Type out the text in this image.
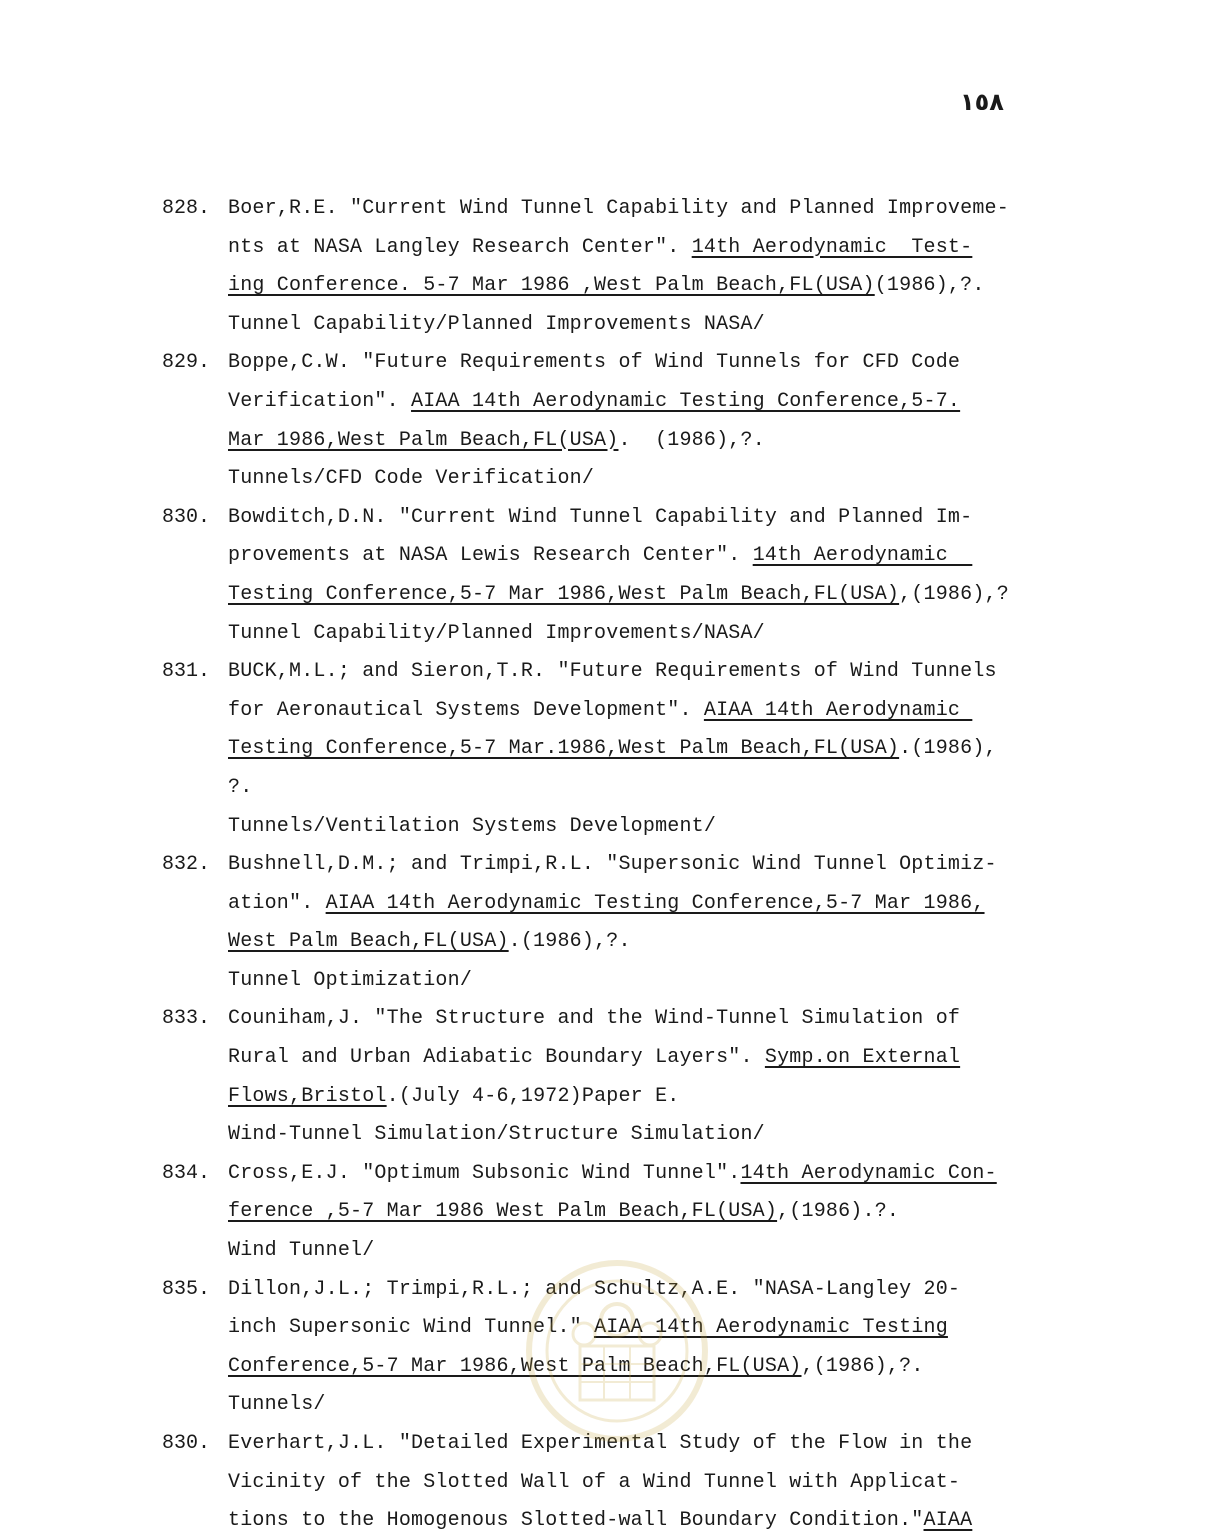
١٥٨
828. Boer,R.E. "Current Wind Tunnel Capability and Planned Improveme-
nts at NASA Langley Research Center". 14th Aerodynamic  Test-
ing Conference. 5-7 Mar 1986 ,West Palm Beach,FL(USA)(1986),?.
Tunnel Capability/Planned Improvements NASA/
829. Boppe,C.W. "Future Requirements of Wind Tunnels for CFD Code
Verification". AIAA 14th Aerodynamic Testing Conference,5-7.
Mar 1986,West Palm Beach,FL(USA).  (1986),?.
Tunnels/CFD Code Verification/
830. Bowditch,D.N. "Current Wind Tunnel Capability and Planned Im-
provements at NASA Lewis Research Center". 14th Aerodynamic
Testing Conference,5-7 Mar 1986,West Palm Beach,FL(USA),(1986),?
Tunnel Capability/Planned Improvements/NASA/
831. BUCK,M.L.; and Sieron,T.R. "Future Requirements of Wind Tunnels
for Aeronautical Systems Development". AIAA 14th Aerodynamic
Testing Conference,5-7 Mar.1986,West Palm Beach,FL(USA).(1986),
?.
Tunnels/Ventilation Systems Development/
832. Bushnell,D.M.; and Trimpi,R.L. "Supersonic Wind Tunnel Optimiz-
ation". AIAA 14th Aerodynamic Testing Conference,5-7 Mar 1986,
West Palm Beach,FL(USA).(1986),?.
Tunnel Optimization/
833. Couniham,J. "The Structure and the Wind-Tunnel Simulation of
Rural and Urban Adiabatic Boundary Layers". Symp.on External
Flows,Bristol.(July 4-6,1972)Paper E.
Wind-Tunnel Simulation/Structure Simulation/
834. Cross,E.J. "Optimum Subsonic Wind Tunnel".14th Aerodynamic Con-
ference ,5-7 Mar 1986 West Palm Beach,FL(USA),(1986).?.
Wind Tunnel/
835. Dillon,J.L.; Trimpi,R.L.; and Schultz,A.E. "NASA-Langley 20-
inch Supersonic Wind Tunnel." AIAA 14th Aerodynamic Testing
Conference,5-7 Mar 1986,West Palm Beach,FL(USA),(1986),?.
Tunnels/
830. Everhart,J.L. "Detailed Experimental Study of the Flow in the
Vicinity of the Slotted Wall of a Wind Tunnel with Applicat-
tions to the Homogenous Slotted-wall Boundary Condition."AIAA
